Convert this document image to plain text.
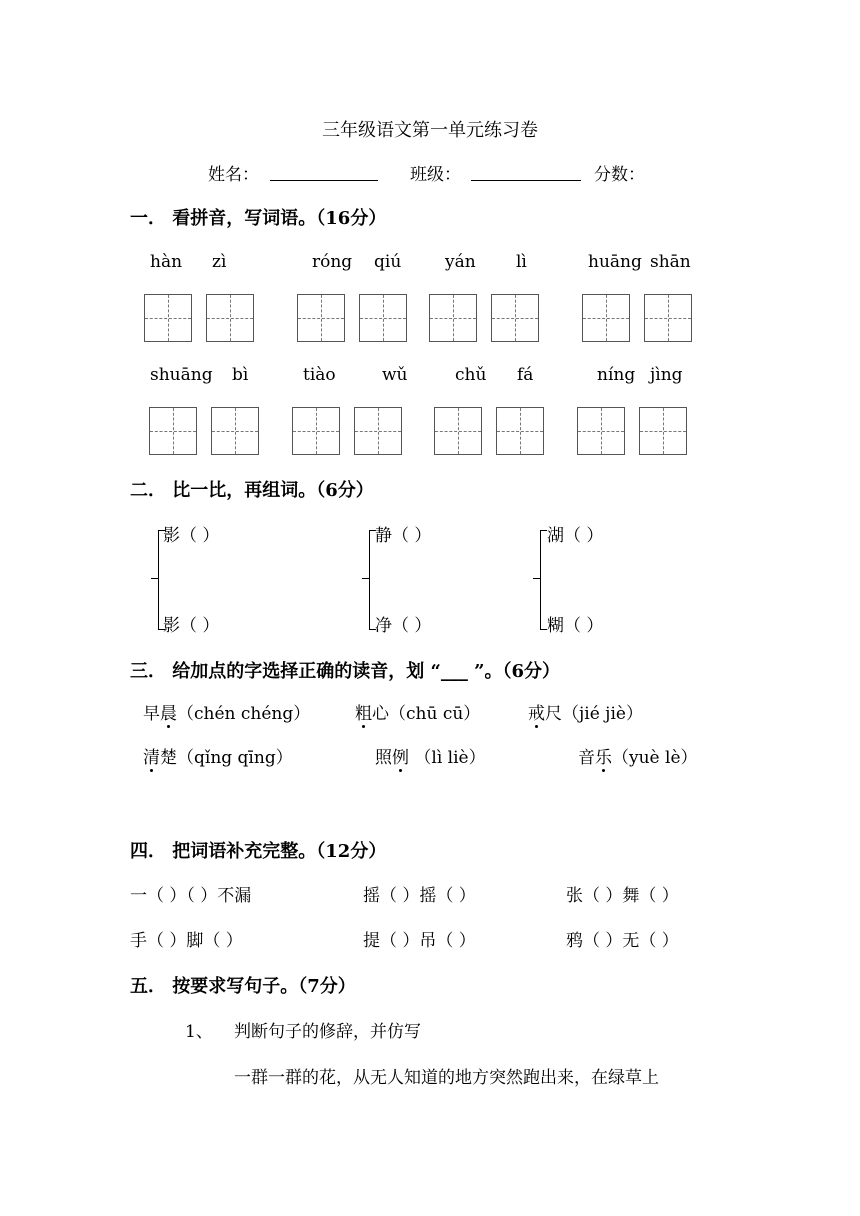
三年级语文第一单元练习卷
姓名：	班级：	分数：
一． 看拼音，写词语。（16分）
hàn zì	róng qiú	yán lì	huāng shān
shuāng bì	tiào	wǔ	chǔ fá	níng jìng
二． 比一比，再组词。（6分）
影（ ）
影（ ）
静（ ）
净（ ）
湖（ ）
糊（ ）
三． 给加点的字选择正确的读音，划 “___ ”。（6分）
早晨（chén chéng）	粗心（chū cū）	戒尺（jié jiè）
清楚（qǐng qīng）	照例 （lì liè）	音乐（yuè lè）
四． 把词语补充完整。（12分）
一（ ）（ ）不漏	摇（ ）摇（ ）	张（ ）舞（ ）
手（ ）脚（ ）	提（ ）吊（ ）	鸦（ ）无（ ）
五． 按要求写句子。（7分）
1、 判断句子的修辞，并仿写
一群一群的花，从无人知道的地方突然跑出来，在绿草上
